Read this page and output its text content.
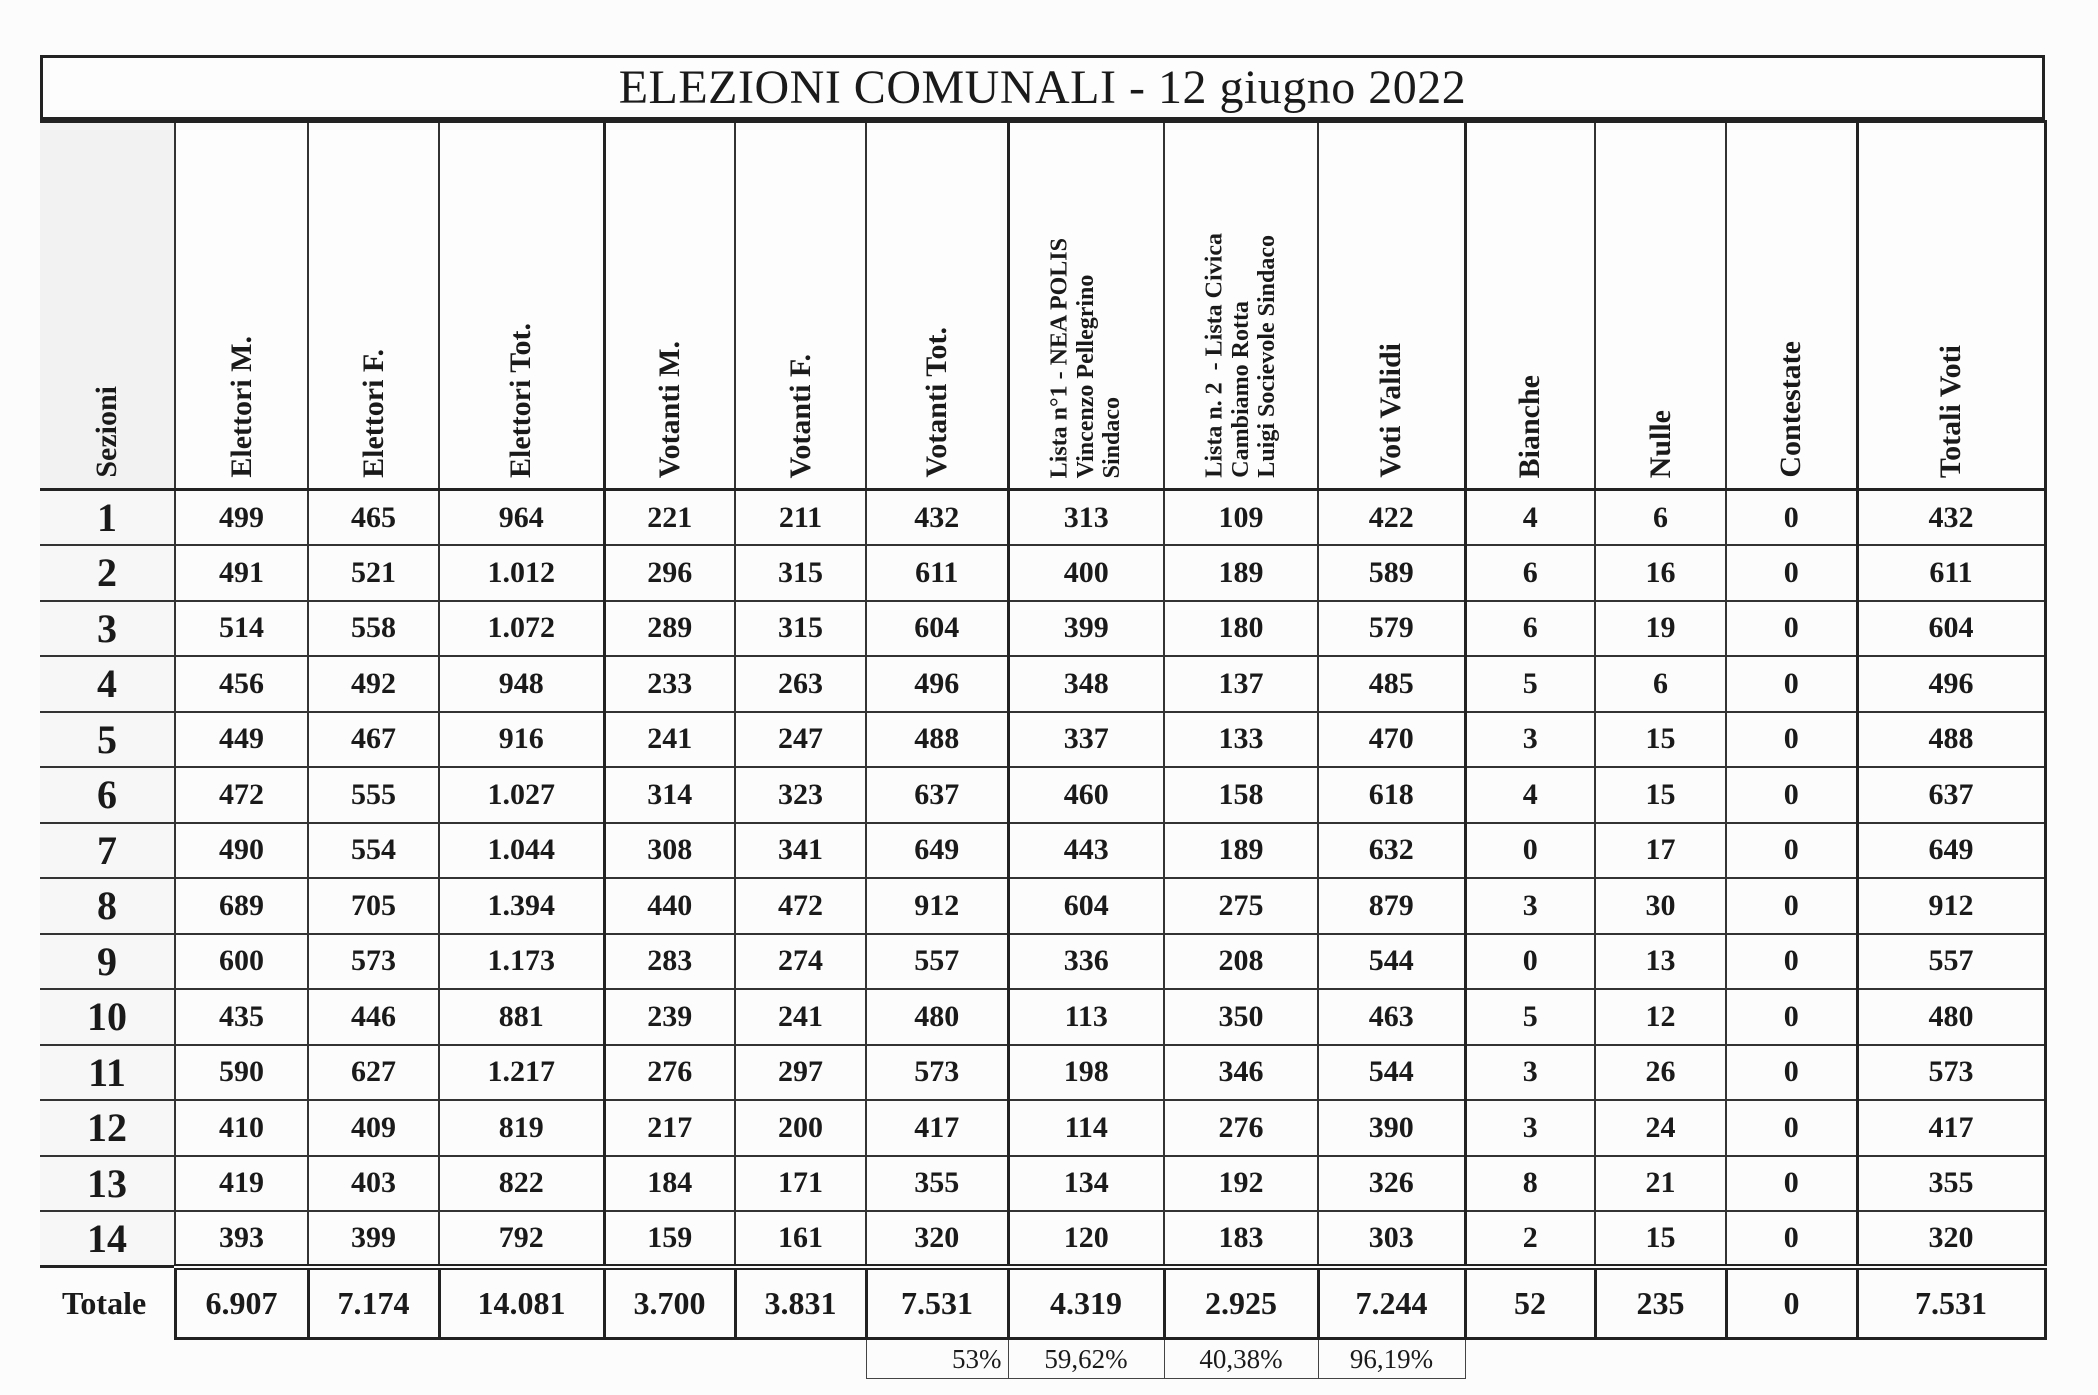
ELEZIONI COMUNALI - 12 giugno 2022
Sezioni	Elettori M.	Elettori F.	Elettori Tot.	Votanti M.	Votanti F.	Votanti Tot.	Lista n°1 - NEA POLIS
Vincenzo Pellegrino
Sindaco	Lista n. 2  - Lista Civica
Cambiamo Rotta
Luigi Socievole Sindaco	Voti Validi	Bianche	Nulle	Contestate	Totali Voti

1	499	465	964	221	211	432	313	109	422	4	6	0	432
2	491	521	1.012	296	315	611	400	189	589	6	16	0	611
3	514	558	1.072	289	315	604	399	180	579	6	19	0	604
4	456	492	948	233	263	496	348	137	485	5	6	0	496
5	449	467	916	241	247	488	337	133	470	3	15	0	488
6	472	555	1.027	314	323	637	460	158	618	4	15	0	637
7	490	554	1.044	308	341	649	443	189	632	0	17	0	649
8	689	705	1.394	440	472	912	604	275	879	3	30	0	912
9	600	573	1.173	283	274	557	336	208	544	0	13	0	557
10	435	446	881	239	241	480	113	350	463	5	12	0	480
11	590	627	1.217	276	297	573	198	346	544	3	26	0	573
12	410	409	819	217	200	417	114	276	390	3	24	0	417
13	419	403	822	184	171	355	134	192	326	8	21	0	355
14	393	399	792	159	161	320	120	183	303	2	15	0	320
Totale	6.907	7.174	14.081	3.700	3.831	7.531	4.319	2.925	7.244	52	235	0	7.531
						53%	59,62%	40,38%	96,19%				
